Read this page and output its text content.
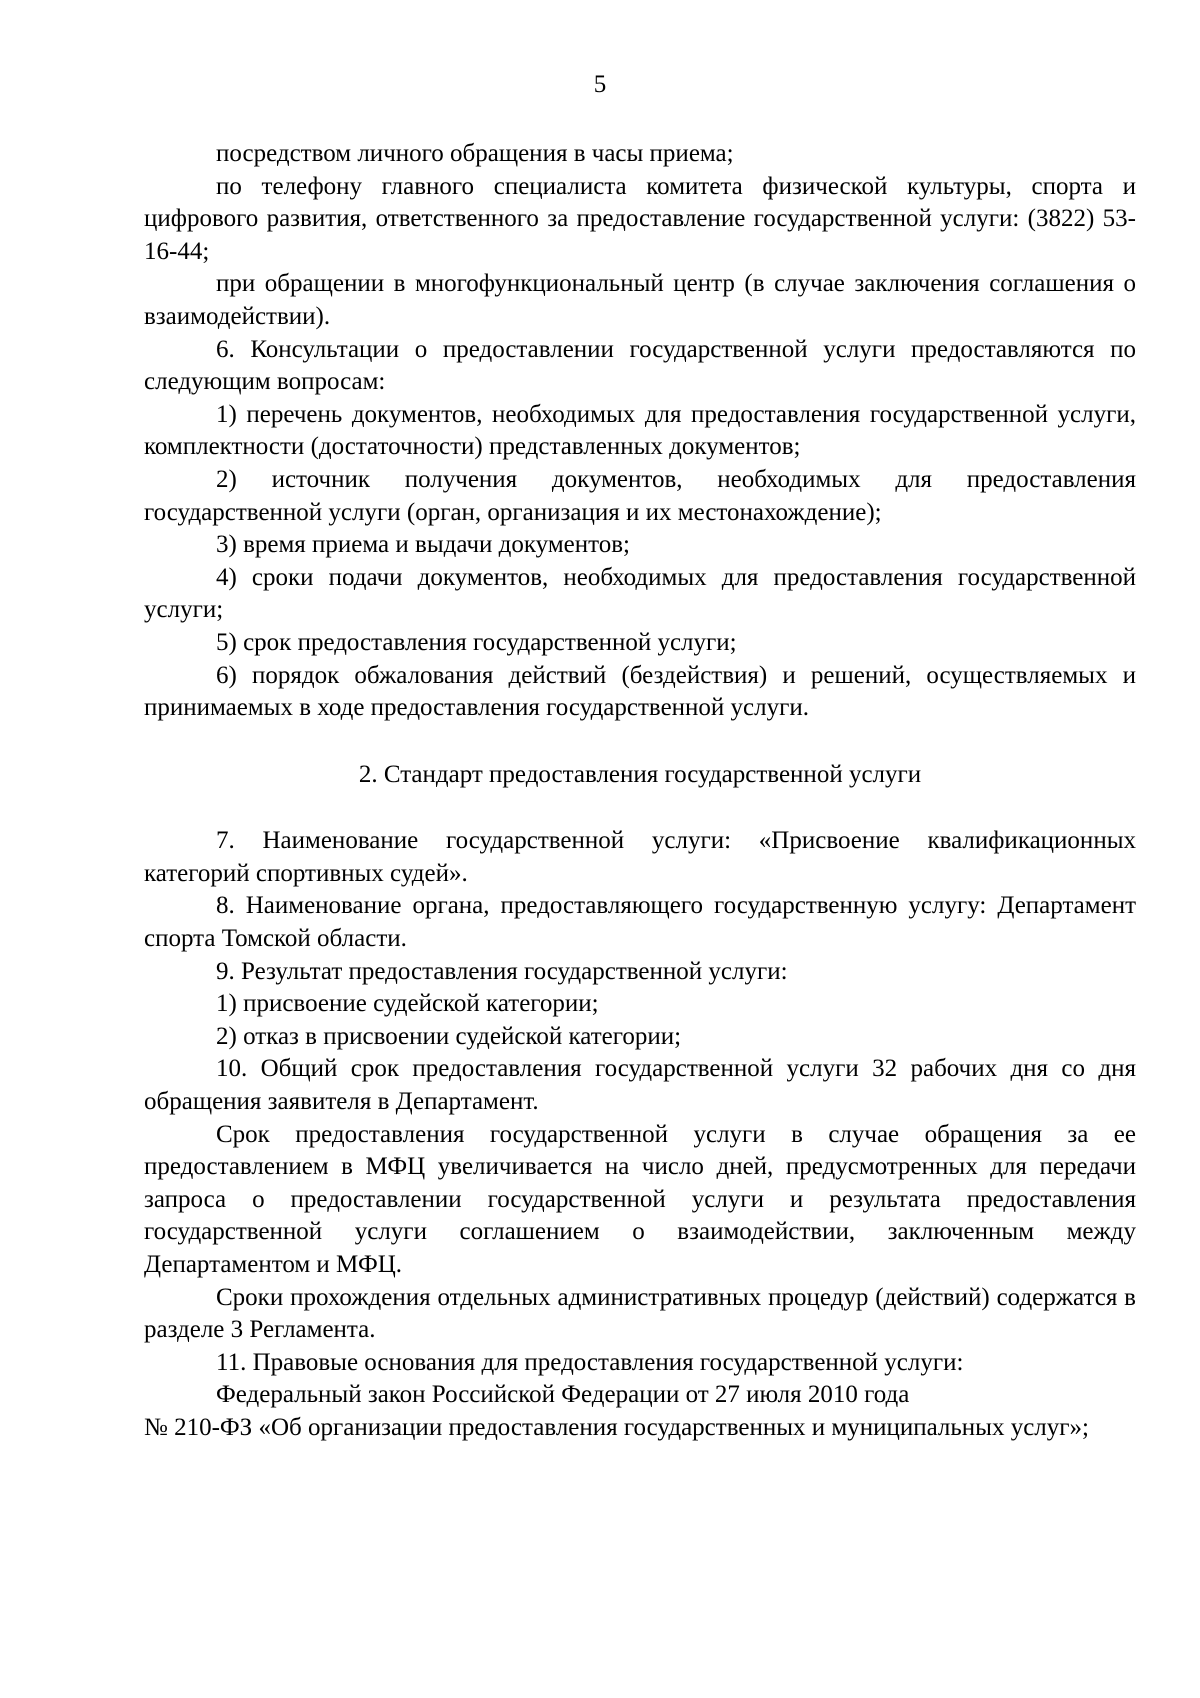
5

посредством личного обращения в часы приема;

по телефону главного специалиста комитета физической культуры, спорта и цифрового развития, ответственного за предоставление государственной услуги: (3822) 53-16-44;

при обращении в многофункциональный центр (в случае заключения соглашения о взаимодействии).

6. Консультации о предоставлении государственной услуги предоставляются по следующим вопросам:

1) перечень документов, необходимых для предоставления государственной услуги, комплектности (достаточности) представленных документов;

2) источник получения документов, необходимых для предоставления государственной услуги (орган, организация и их местонахождение);

3) время приема и выдачи документов;

4) сроки подачи документов, необходимых для предоставления государственной услуги;

5) срок предоставления государственной услуги;

6) порядок обжалования действий (бездействия) и решений, осуществляемых и принимаемых в ходе предоставления государственной услуги.

2. Стандарт предоставления государственной услуги

7. Наименование государственной услуги: «Присвоение квалификационных категорий спортивных судей».

8. Наименование органа, предоставляющего государственную услугу: Департамент спорта Томской области.

9. Результат предоставления государственной услуги:

1) присвоение судейской категории;

2) отказ в присвоении судейской категории;

10. Общий срок предоставления государственной услуги 32 рабочих дня со дня обращения заявителя в Департамент.

Срок предоставления государственной услуги в случае обращения за ее предоставлением в МФЦ увеличивается на число дней, предусмотренных для передачи запроса о предоставлении государственной услуги и результата предоставления государственной услуги соглашением о взаимодействии, заключенным между Департаментом и МФЦ.

Сроки прохождения отдельных административных процедур (действий) содержатся в разделе 3 Регламента.

11. Правовые основания для предоставления государственной услуги:

Федеральный закон Российской Федерации от 27 июля 2010 года

№ 210-ФЗ «Об организации предоставления государственных и муниципальных услуг»;
